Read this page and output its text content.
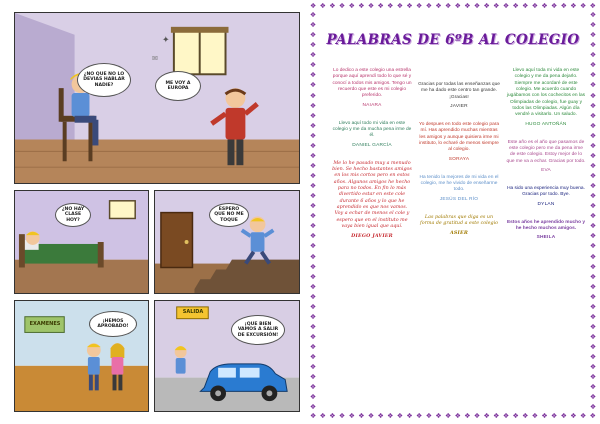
✦
✉
¿NO QUE NO LO DEVIAS HABLAR NADIE?	ME VOY A EUROPA
¿NO HAY CLASE HOY?
ESPERO QUE NO ME TOQUE
EXAMENES	¡HEMOS APROBADO!
SALIDA
¡QUE BIEN VAMOS A SALIR DE EXCURSIÓN!
❖ ❖ ❖ ❖ ❖ ❖ ❖ ❖ ❖ ❖ ❖ ❖ ❖ ❖ ❖ ❖ ❖ ❖ ❖ ❖ ❖ ❖ ❖ ❖ ❖ ❖ ❖ ❖ ❖ ❖
❖ ❖ ❖ ❖ ❖ ❖ ❖ ❖ ❖ ❖ ❖ ❖ ❖ ❖ ❖ ❖ ❖ ❖ ❖ ❖ ❖ ❖ ❖ ❖ ❖ ❖ ❖ ❖ ❖ ❖
❖
❖
❖
❖
❖
❖
❖
❖
❖
❖
❖
❖
❖
❖
❖
❖
❖
❖
❖
❖
❖
❖
❖
❖
❖
❖
❖
❖
❖
❖
❖
❖
❖
❖
❖
❖
❖
❖
❖
❖
❖
❖
❖
❖
❖
❖
❖
❖
❖
❖
❖
❖
❖
❖
❖
❖
❖
❖
❖
❖
❖
❖
❖
❖
❖
❖
❖
❖
❖
❖
❖
❖
❖
❖
❖
❖
❖
❖
❖
❖
PALABRAS DE 6ºB AL COLEGIO

Lo dedico a este colegio una estrella porque aquí aprendí todo lo que sé y conocí a todos mis amigos. Tengo un recuerdo que este es mi colegio preferido.

NAIARA

Llevo aquí todo mi vida en este colegio y me da mucha pena irme de él.

DANIEL GARCÍA

Me lo he pasado muy a menudo bien. Se hecho bastantes amigos en los mis cortos pero en estos años. Algunos amigos he hecho para no todos. En fin lo más divertido estar en este cole durante 6 años y lo que he aprendido es que nos vamos. Voy a echar de menos el cole y espero que en el instituto me vaya bien igual que aquí.

DIEGO JAVIER

Gracias por todas las enseñanzas que me ha dado este centro tan grande. ¡Gracias!

JAVIER

Yo despues en todo este colegio para mí. Has aprendido muchas mientras les amigos y aunque quisiera irme mi instituto, lo echaré de menos siempre al colegio.

SORAYA

Ha tenido la mejores de mi vida en el colegio, me he vivido de enseñarme todo.

JESÚS DEL RÍO

Las palabras que diga es un forma de gratitud a este colegio

ASIER

Llevo aquí toda mi vida en este colegio y me da pena dejarlo. Siempre me acordaré de este colegio. Me acuerdo cuando jugábamos con los cochecitos en las Olimpiadas de colegio, fue guay y todos las Olimpiadas. Algún día vendré a visitarlo. Un saludo.

HUGO ANTOÑÁN

Este año es el año que pasamos de este colegio pero me da pena irme de este colegio. Estoy mejor de lo que me va a echar. Gracias por todo.

EVA

Ha sido una experiencia muy buena. Gracias por todo. Bye.

DYLAN

Estos años he aprendido mucho y he hecho muchos amigos.

SHEILA
